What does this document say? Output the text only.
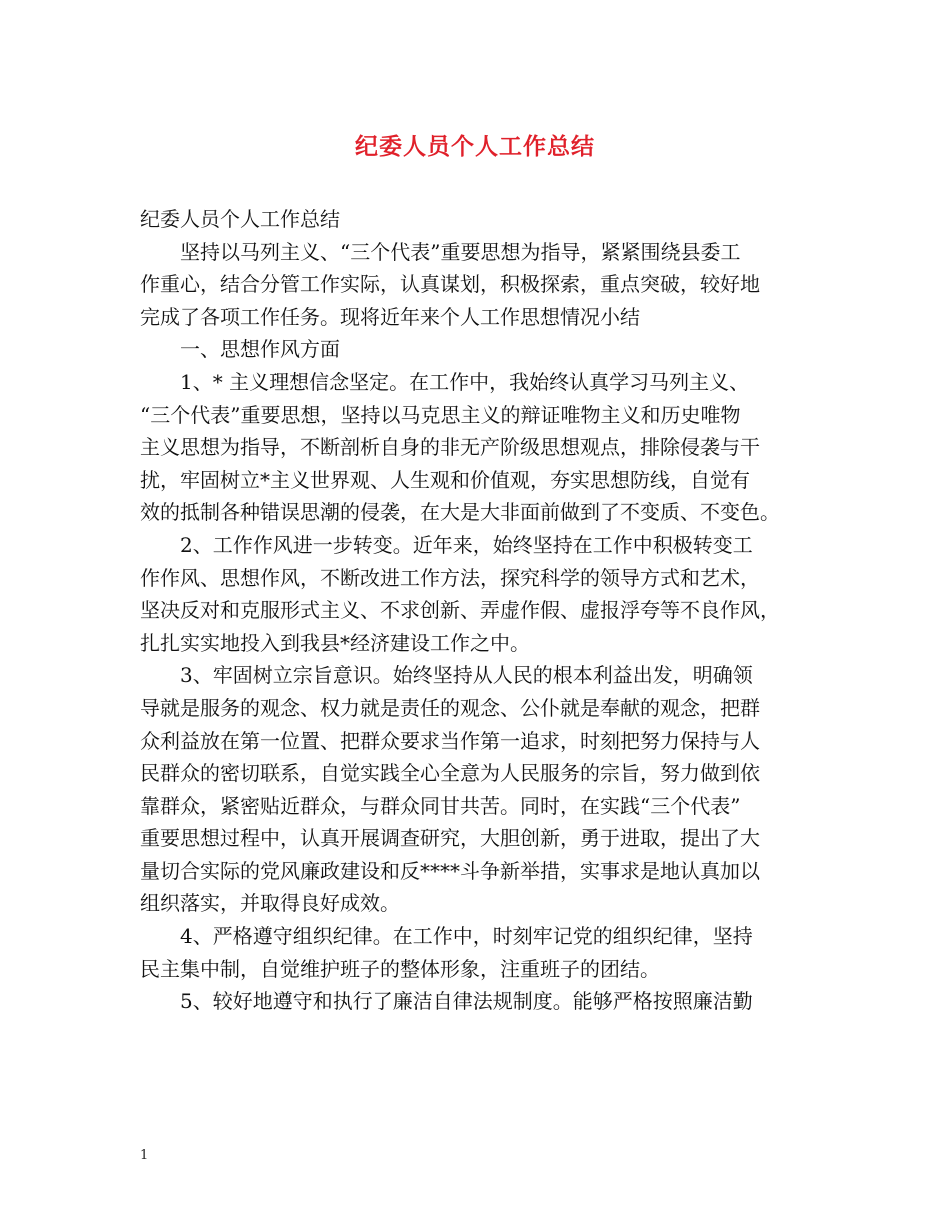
纪委人员个人工作总结
纪委人员个人工作总结
　　坚持以马列主义、“三个代表”重要思想为指导，紧紧围绕县委工
作重心，结合分管工作实际，认真谋划，积极探索，重点突破，较好地
完成了各项工作任务。现将近年来个人工作思想情况小结
　　一、思想作风方面
　　1、* 主义理想信念坚定。在工作中，我始终认真学习马列主义、
“三个代表”重要思想，坚持以马克思主义的辩证唯物主义和历史唯物
主义思想为指导，不断剖析自身的非无产阶级思想观点，排除侵袭与干
扰，牢固树立*主义世界观、人生观和价值观，夯实思想防线，自觉有
效的抵制各种错误思潮的侵袭，在大是大非面前做到了不变质、不变色。
　　2、工作作风进一步转变。近年来，始终坚持在工作中积极转变工
作作风、思想作风，不断改进工作方法，探究科学的领导方式和艺术，
坚决反对和克服形式主义、不求创新、弄虚作假、虚报浮夸等不良作风，
扎扎实实地投入到我县*经济建设工作之中。
　　3、牢固树立宗旨意识。始终坚持从人民的根本利益出发，明确领
导就是服务的观念、权力就是责任的观念、公仆就是奉献的观念，把群
众利益放在第一位置、把群众要求当作第一追求，时刻把努力保持与人
民群众的密切联系，自觉实践全心全意为人民服务的宗旨，努力做到依
靠群众，紧密贴近群众，与群众同甘共苦。同时，在实践“三个代表”
重要思想过程中，认真开展调查研究，大胆创新，勇于进取，提出了大
量切合实际的党风廉政建设和反****斗争新举措，实事求是地认真加以
组织落实，并取得良好成效。
　　4、严格遵守组织纪律。在工作中，时刻牢记党的组织纪律，坚持
民主集中制，自觉维护班子的整体形象，注重班子的团结。
　　5、较好地遵守和执行了廉洁自律法规制度。能够严格按照廉洁勤
1
